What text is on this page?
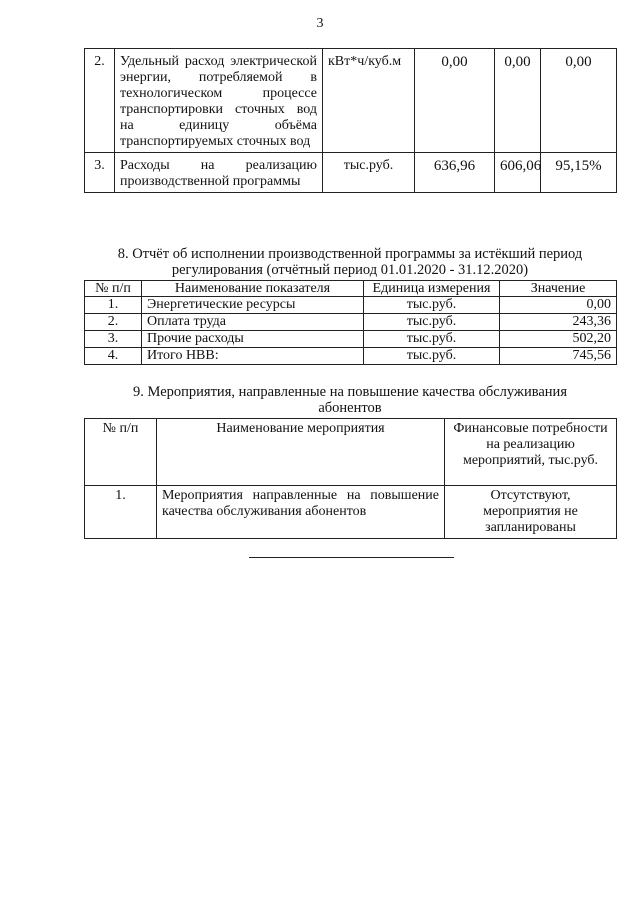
3
2.	Удельный расход электрической энергии, потребляемой в технологическом процессе транспортировки сточных вод на единицу объёма транспортируемых сточных вод	кВт*ч/куб.м	0,00	0,00	0,00
3.	Расходы на реализацию производственной программы	тыс.руб.	636,96	606,06	95,15%
8. Отчёт об исполнении производственной программы за истёкший период
регулирования (отчётный период 01.01.2020 - 31.12.2020)
№ п/п	Наименование показателя	Единица измерения	Значение
1.	Энергетические ресурсы	тыс.руб.	0,00
2.	Оплата труда	тыс.руб.	243,36
3.	Прочие расходы	тыс.руб.	502,20
4.	Итого НВВ:	тыс.руб.	745,56
9. Мероприятия, направленные на повышение качества обслуживания
абонентов
№ п/п	Наименование мероприятия	Финансовые потребности на реализацию мероприятий, тыс.руб.
1.	Мероприятия направленные на повышение качества обслуживания абонентов	Отсутствуют, мероприятия не запланированы
